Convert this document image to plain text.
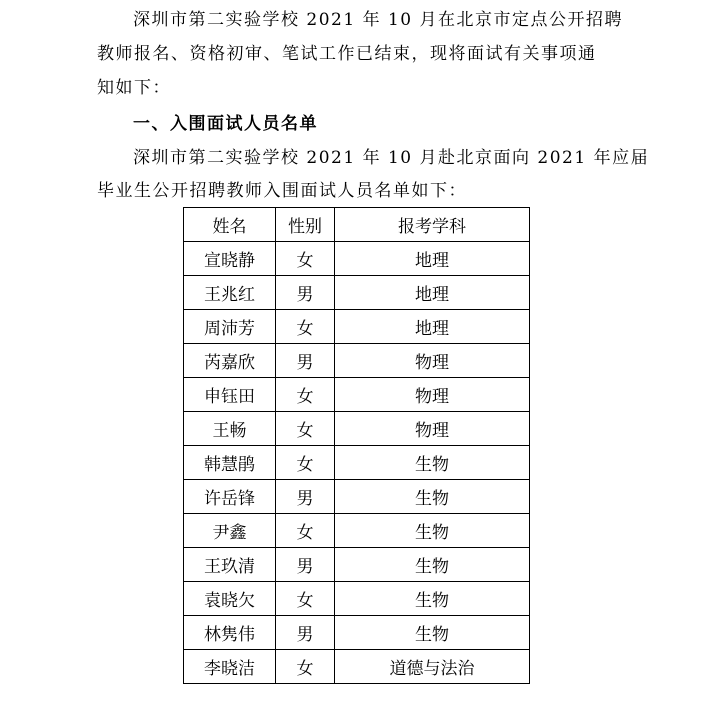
深圳市第二实验学校 2021 年 10 月在北京市定点公开招聘
教师报名、资格初审、笔试工作已结束，现将面试有关事项通
知如下：
一、入围面试人员名单
深圳市第二实验学校 2021 年 10 月赴北京面向 2021 年应届
毕业生公开招聘教师入围面试人员名单如下：
姓名	性别	报考学科
宣晓静	女	地理
王兆红	男	地理
周沛芳	女	地理
芮嘉欣	男	物理
申钰田	女	物理
王畅	女	物理
韩慧鹃	女	生物
许岳锋	男	生物
尹鑫	女	生物
王玖清	男	生物
袁晓欠	女	生物
林隽伟	男	生物
李晓洁	女	道德与法治
